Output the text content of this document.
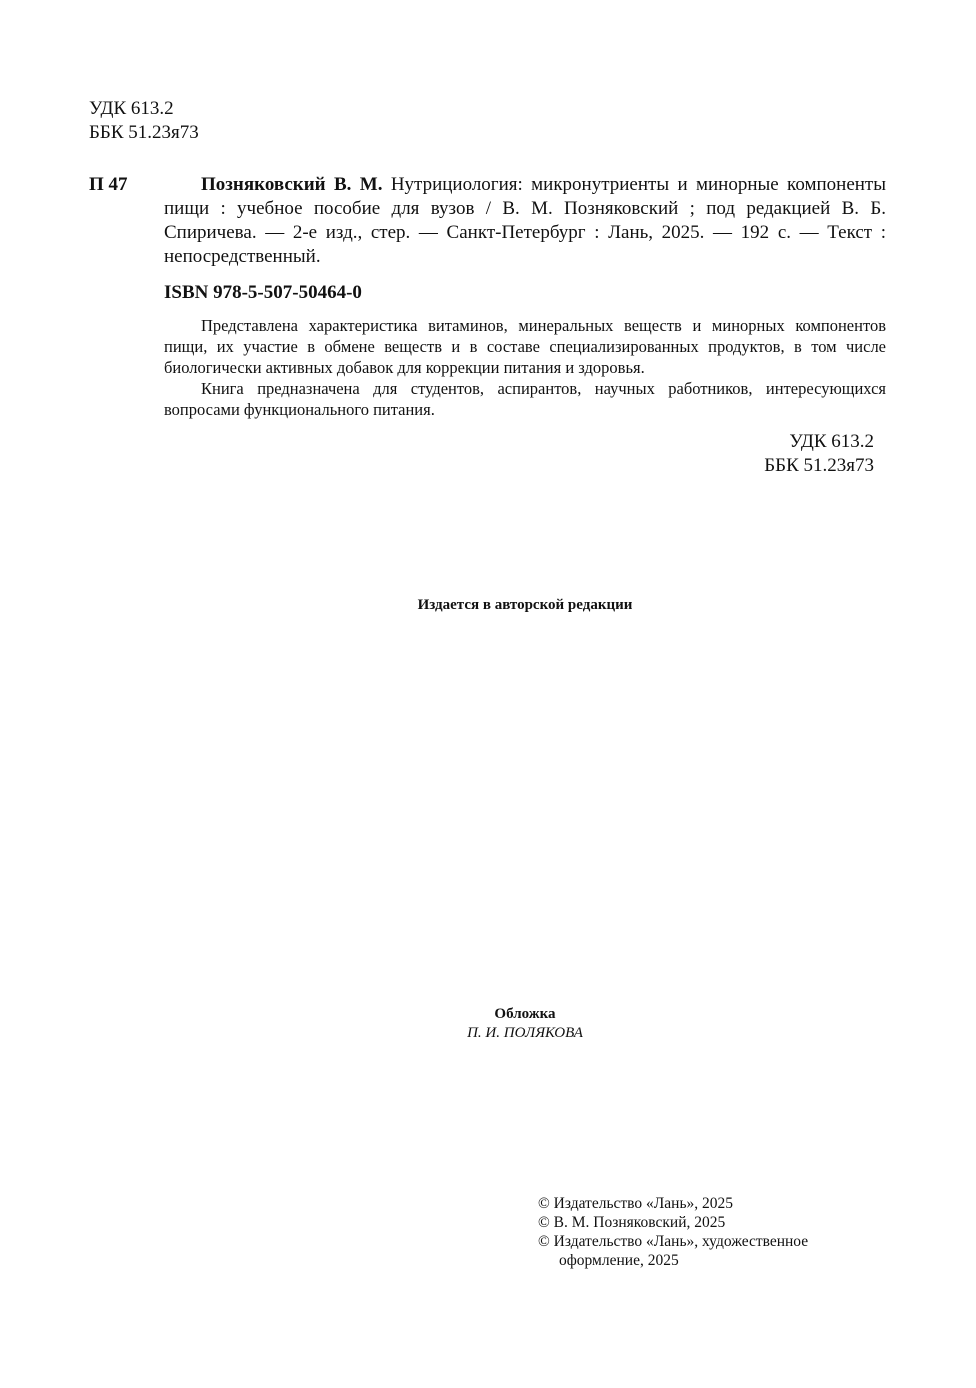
УДК 613.2
ББК 51.23я73
П 47	Позняковский В. М. Нутрициология: микронутриенты и минорные компоненты пищи : учебное пособие для вузов / В. М. Позняковский ; под редакцией В. Б. Спиричева. — 2-е изд., стер. — Санкт-Петербург : Лань, 2025. — 192 с. — Текст : непосредственный.
ISBN 978-5-507-50464-0

Представлена характеристика витаминов, минеральных веществ и минорных компонентов пищи, их участие в обмене веществ и в составе специализированных продуктов, в том числе биологически активных добавок для коррекции питания и здоровья.

Книга предназначена для студентов, аспирантов, научных работников, интересующихся вопросами функционального питания.

УДК 613.2
ББК 51.23я73
Издается в авторской редакции
Обложка
П. И. ПОЛЯКОВА
© Издательство «Лань», 2025
© В. М. Позняковский, 2025
© Издательство «Лань», художественное
оформление, 2025
